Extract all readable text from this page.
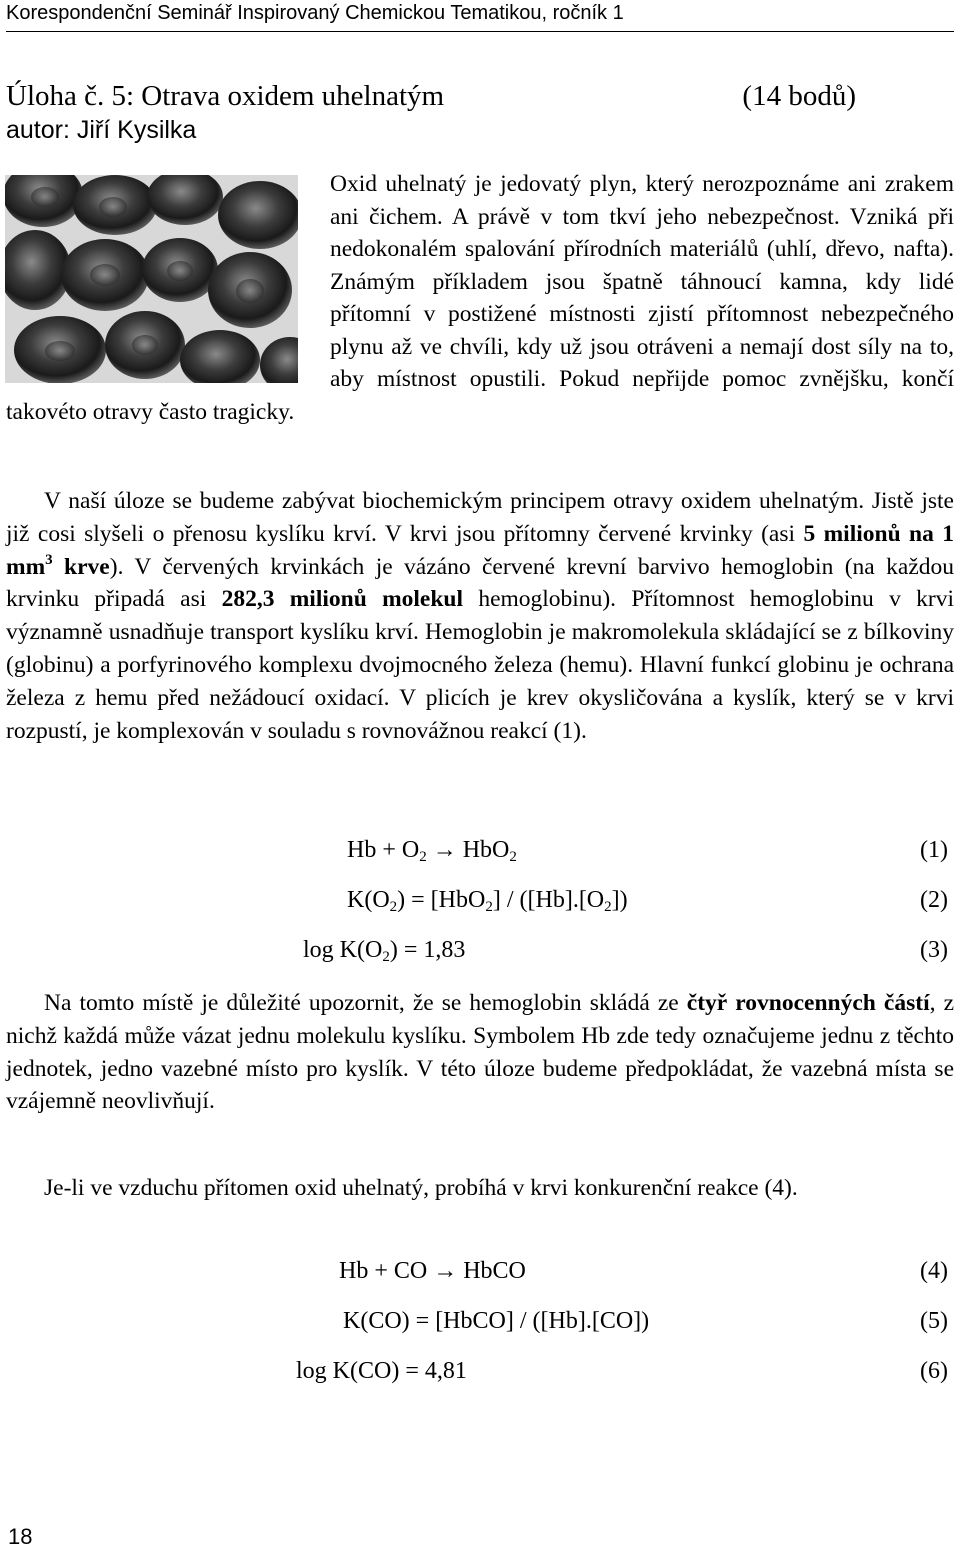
Korespondenční Seminář Inspirovaný Chemickou Tematikou, ročník 1
Úloha č. 5: Otrava oxidem uhelnatým	(14 bodů)
autor: Jiří Kysilka
Oxid uhelnatý je jedovatý plyn, který nerozpoznáme ani zrakem ani čichem. A právě v tom tkví jeho nebezpečnost. Vzniká při nedokonalém spalování přírodních materiálů (uhlí, dřevo, nafta). Známým příkladem jsou špatně táhnoucí kamna, kdy lidé přítomní v postižené místnosti zjistí přítomnost nebezpečného plynu až ve chvíli, kdy už jsou otráveni a nemají dost síly na to, aby místnost opustili. Pokud nepřijde pomoc zvnějšku, končí takovéto otravy často tragicky.
V naší úloze se budeme zabývat biochemickým principem otravy oxidem uhelnatým. Jistě jste již cosi slyšeli o přenosu kyslíku krví. V krvi jsou přítomny červené krvinky (asi 5 milionů na 1 $mm^3$ krve). V červených krvinkách je vázáno červené krevní barvivo hemoglobin (na každou krvinku připadá asi 282,3 milionů molekul hemoglobinu). Přítomnost hemoglobinu v krvi významně usnadňuje transport kyslíku krví. Hemoglobin je makromolekula skládající se z bílkoviny (globinu) a porfyrinového komplexu dvojmocného železa (hemu). Hlavní funkcí globinu je ochrana železa z hemu před nežádoucí oxidací. V plicích je krev okysličována a kyslík, který se v krvi rozpustí, je komplexován v souladu s rovnovážnou reakcí (1).
$Hb + O_2 \to HbO_2$	(1)
$K(O_2) = [HbO_2] / ([Hb].[O_2])$	(2)
$\log K(O_2) = 1,83$	(3)
Na tomto místě je důležité upozornit, že se hemoglobin skládá ze čtyř rovnocenných částí, z nichž každá může vázat jednu molekulu kyslíku. Symbolem Hb zde tedy označujeme jednu z těchto jednotek, jedno vazebné místo pro kyslík. V této úloze budeme předpokládat, že vazebná místa se vzájemně neovlivňují.
Je-li ve vzduchu přítomen oxid uhelnatý, probíhá v krvi konkurenční reakce (4).
Hb + CO → HbCO	(4)
K(CO) = [HbCO] / ([Hb].[CO])	(5)
log K(CO) = 4,81	(6)
18
